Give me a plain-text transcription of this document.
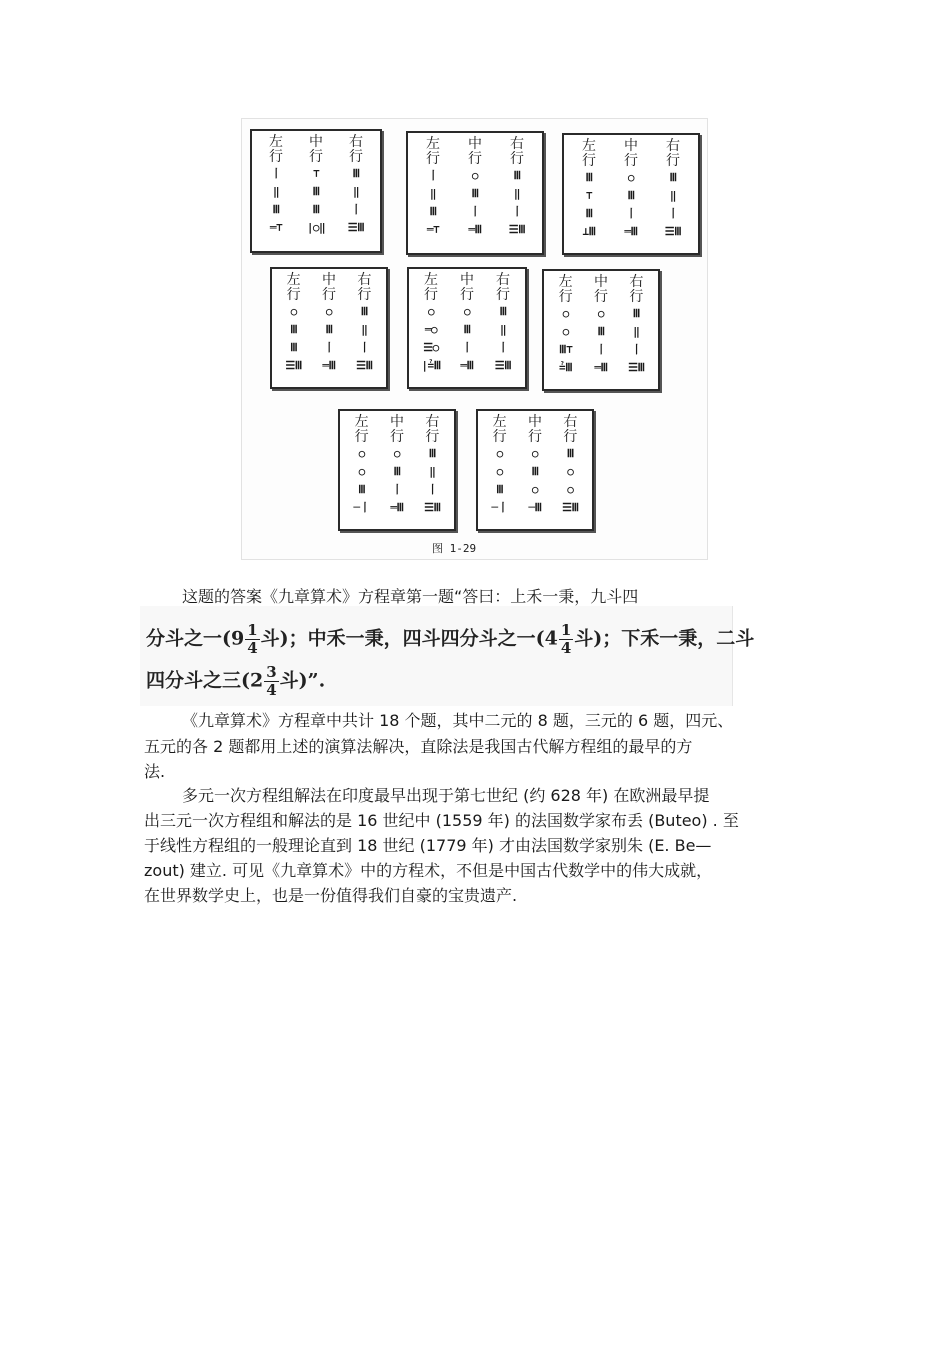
图 1-29
左行
丨
‖
Ⅲ
═⊤
中行
⊤
Ⅲ
Ⅲ
|○‖
右行
Ⅲ
‖
丨
☰Ⅲ
左行
丨
‖
Ⅲ
═⊤
中行
○
Ⅲ
丨
═Ⅲ
右行
Ⅲ
‖
丨
☰Ⅲ
左行
Ⅲ
⊤
Ⅲ
⊥Ⅲ
中行
○
Ⅲ
丨
═Ⅲ
右行
Ⅲ
‖
丨
☰Ⅲ
左行
○
Ⅲ
Ⅲ
☰Ⅲ
中行
○
Ⅲ
丨
═Ⅲ
右行
Ⅲ
‖
丨
☰Ⅲ
左行
○
═○
☰○
|≟Ⅲ
中行
○
Ⅲ
丨
═Ⅲ
右行
Ⅲ
‖
丨
☰Ⅲ
左行
○
○
Ⅲ⊤
≟Ⅲ
中行
○
Ⅲ
丨
═Ⅲ
右行
Ⅲ
‖
丨
☰Ⅲ
左行
○
○
Ⅲ
─丨
中行
○
Ⅲ
丨
═Ⅲ
右行
Ⅲ
‖
丨
☰Ⅲ
左行
○
○
Ⅲ
─丨
中行
○
Ⅲ
○
─Ⅲ
右行
Ⅲ
○
○
☰Ⅲ
这题的答案《九章算术》方程章第一题“答曰：上禾一秉，九斗四
分斗之一($9 \frac{1}{4}$ 斗)；中禾一秉，四斗四分斗之一($4 \frac{1}{4}$ 斗)；下禾一秉，二斗
四分斗之三($2 \frac{3}{4}$ 斗)”.
《九章算术》方程章中共计 18 个题，其中二元的 8 题，三元的 6 题，四元、
五元的各 2 题都用上述的演算法解决，直除法是我国古代解方程组的最早的方
法.
多元一次方程组解法在印度最早出现于第七世纪 (约 628 年) 在欧洲最早提
出三元一次方程组和解法的是 16 世纪中 (1559 年) 的法国数学家布丢 (Buteo) . 至
于线性方程组的一般理论直到 18 世纪 (1779 年) 才由法国数学家别朱 (E. Be—
zout) 建立. 可见《九章算术》中的方程术，不但是中国古代数学中的伟大成就，
在世界数学史上，也是一份值得我们自豪的宝贵遗产.
